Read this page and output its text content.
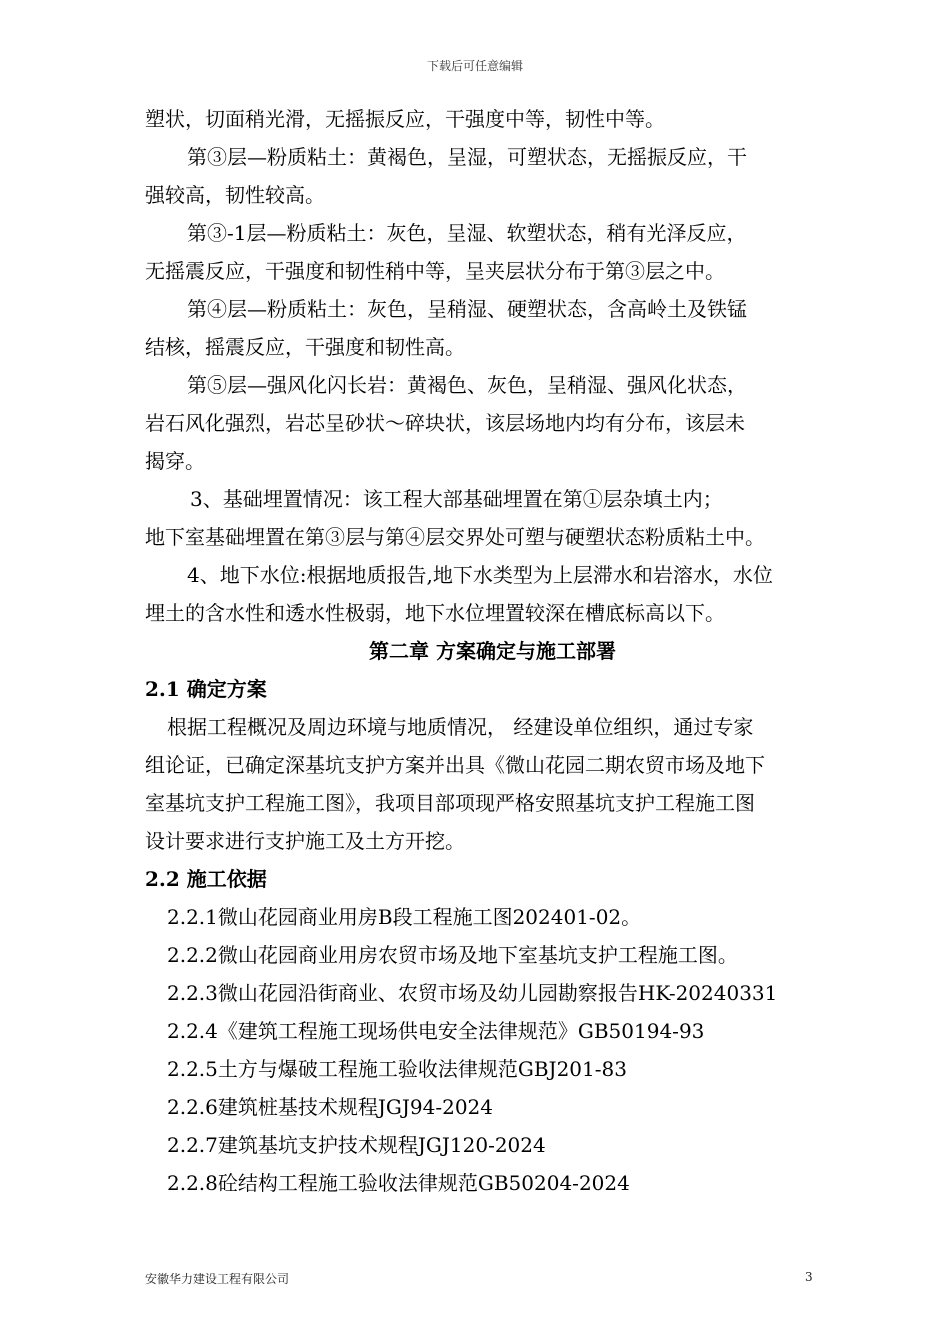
下载后可任意编辑

塑状，切面稍光滑，无摇振反应，干强度中等，韧性中等。

第③层—粉质粘土：黄褐色，呈湿，可塑状态，无摇振反应，干

强较高，韧性较高。

第③-1层—粉质粘土：灰色，呈湿、软塑状态，稍有光泽反应，

无摇震反应，干强度和韧性稍中等，呈夹层状分布于第③层之中。

第④层—粉质粘土：灰色，呈稍湿、硬塑状态，含高岭土及铁锰

结核，摇震反应，干强度和韧性高。

第⑤层—强风化闪长岩：黄褐色、灰色，呈稍湿、强风化状态，

岩石风化强烈，岩芯呈砂状～碎块状，该层场地内均有分布，该层未

揭穿。

3、基础埋置情况：该工程大部基础埋置在第①层杂填土内；

地下室基础埋置在第③层与第④层交界处可塑与硬塑状态粉质粘土中。

4、地下水位:根据地质报告,地下水类型为上层滞水和岩溶水，水位

埋土的含水性和透水性极弱，地下水位埋置较深在槽底标高以下。

第二章 方案确定与施工部署

2.1 确定方案

根据工程概况及周边环境与地质情况， 经建设单位组织，通过专家

组论证，已确定深基坑支护方案并出具《微山花园二期农贸市场及地下

室基坑支护工程施工图》，我项目部项现严格安照基坑支护工程施工图

设计要求进行支护施工及土方开挖。

2.2 施工依据

2.2.1微山花园商业用房B段工程施工图202401-02。

2.2.2微山花园商业用房农贸市场及地下室基坑支护工程施工图。

2.2.3微山花园沿街商业、农贸市场及幼儿园勘察报告HK-20240331

2.2.4《建筑工程施工现场供电安全法律规范》GB50194-93

2.2.5土方与爆破工程施工验收法律规范GBJ201-83

2.2.6建筑桩基技术规程JGJ94-2024

2.2.7建筑基坑支护技术规程JGJ120-2024

2.2.8砼结构工程施工验收法律规范GB50204-2024

安徽华力建设工程有限公司	3
